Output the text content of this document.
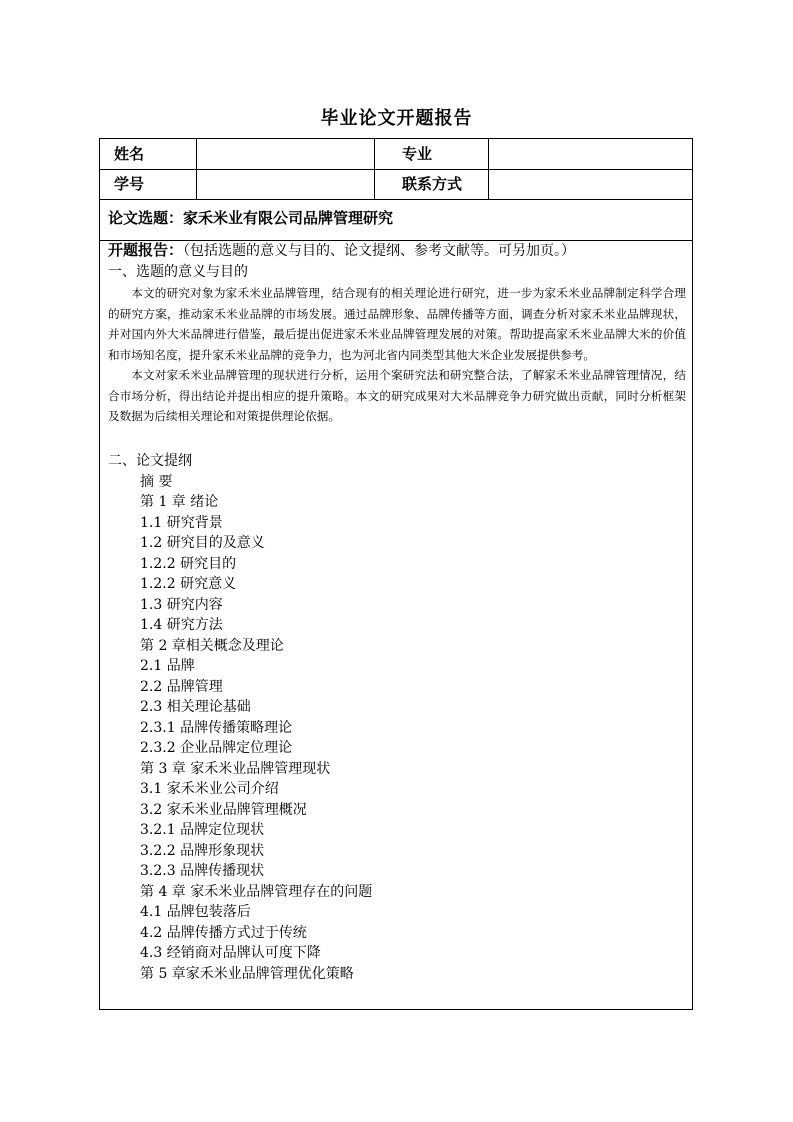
毕业论文开题报告
姓名	专业
学号	联系方式
论文选题：家禾米业有限公司品牌管理研究
开题报告：（包括选题的意义与目的、论文提纲、参考文献等。可另加页。）
一、选题的意义与目的

本文的研究对象为家禾米业品牌管理，结合现有的相关理论进行研究，进一步为家禾米业品牌制定科学合理的研究方案，推动家禾米业品牌的市场发展。通过品牌形象、品牌传播等方面，调查分析对家禾米业品牌现状，并对国内外大米品牌进行借鉴，最后提出促进家禾米业品牌管理发展的对策。帮助提高家禾米业品牌大米的价值和市场知名度，提升家禾米业品牌的竞争力，也为河北省内同类型其他大米企业发展提供参考。

本文对家禾米业品牌管理的现状进行分析，运用个案研究法和研究整合法，了解家禾米业品牌管理情况，结合市场分析，得出结论并提出相应的提升策略。本文的研究成果对大米品牌竞争力研究做出贡献，同时分析框架及数据为后续相关理论和对策提供理论依据。

二、论文提纲
摘 要
第 1 章 绪论
1.1 研究背景
1.2 研究目的及意义
1.2.2 研究目的
1.2.2 研究意义
1.3 研究内容
1.4 研究方法
第 2 章相关概念及理论
2.1 品牌
2.2 品牌管理
2.3 相关理论基础
2.3.1 品牌传播策略理论
2.3.2 企业品牌定位理论
第 3 章 家禾米业品牌管理现状
3.1 家禾米业公司介绍
3.2 家禾米业品牌管理概况
3.2.1 品牌定位现状
3.2.2 品牌形象现状
3.2.3 品牌传播现状
第 4 章 家禾米业品牌管理存在的问题
4.1 品牌包装落后
4.2 品牌传播方式过于传统
4.3 经销商对品牌认可度下降
第 5 章家禾米业品牌管理优化策略
